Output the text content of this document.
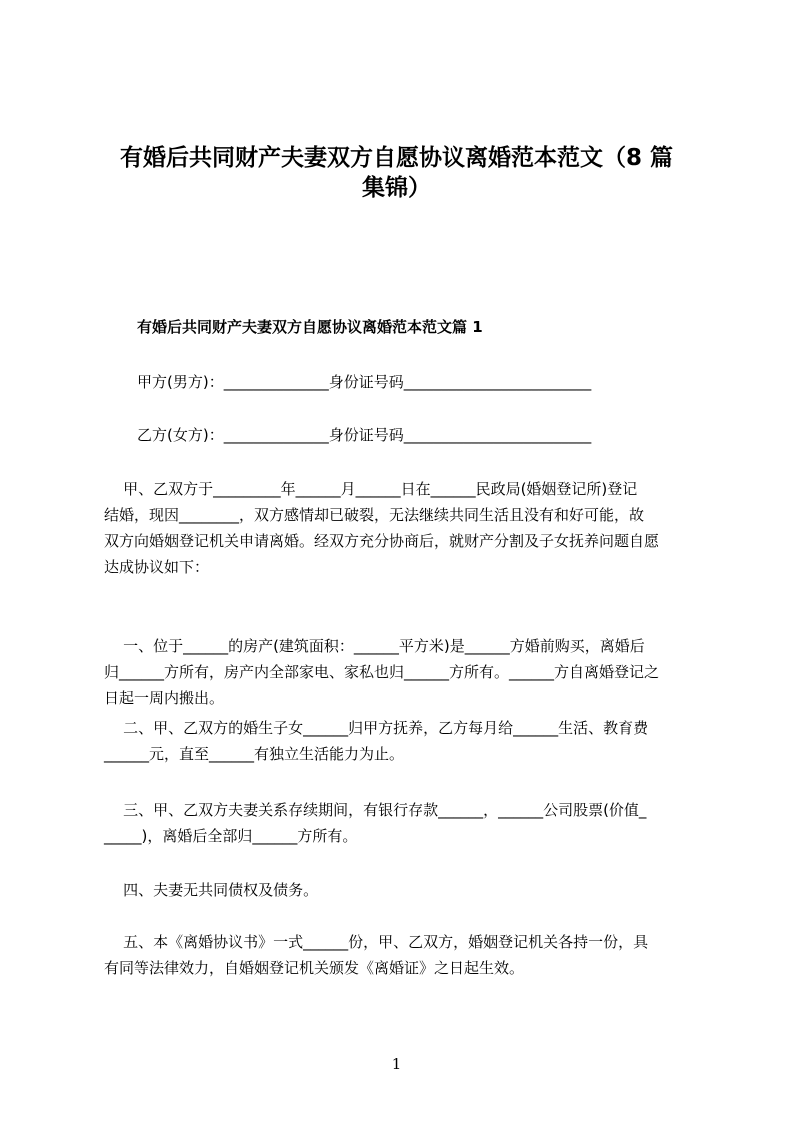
有婚后共同财产夫妻双方自愿协议离婚范本范文（8 篇
集锦）
有婚后共同财产夫妻双方自愿协议离婚范本范文篇 1
甲方(男方)：______________身份证号码_________________________
乙方(女方)：______________身份证号码_________________________

甲、乙双方于_________年______月______日在______民政局(婚姻登记所)登记

结婚，现因________，双方感情却已破裂，无法继续共同生活且没有和好可能，故

双方向婚姻登记机关申请离婚。经双方充分协商后，就财产分割及子女抚养问题自愿

达成协议如下：

一、位于______的房产(建筑面积：______平方米)是______方婚前购买，离婚后

归______方所有，房产内全部家电、家私也归______方所有。______方自离婚登记之

日起一周内搬出。

二、甲、乙双方的婚生子女______归甲方抚养，乙方每月给______生活、教育费

______元，直至______有独立生活能力为止。

三、甲、乙双方夫妻关系存续期间，有银行存款______，______公司股票(价值_

_____)，离婚后全部归______方所有。

四、夫妻无共同债权及债务。

五、本《离婚协议书》一式______份，甲、乙双方，婚姻登记机关各持一份，具

有同等法律效力，自婚姻登记机关颁发《离婚证》之日起生效。

1
